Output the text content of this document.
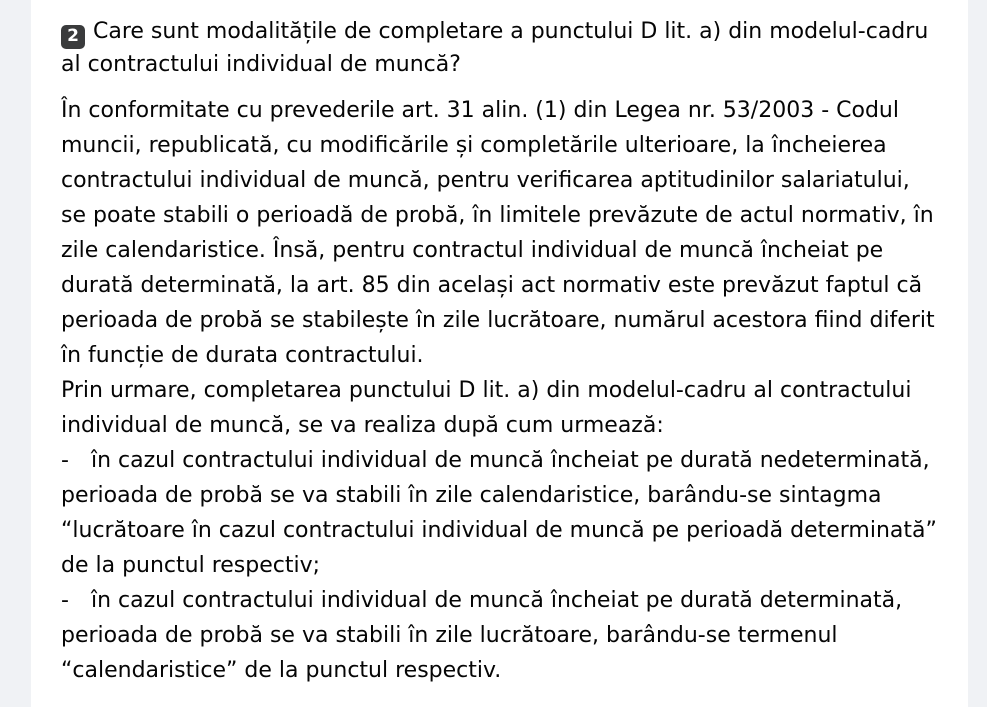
2 Care sunt modalitățile de completare a punctului D lit. a) din modelul-cadru al contractului individual de muncă?

În conformitate cu prevederile art. 31 alin. (1) din Legea nr. 53/2003 - Codul muncii, republicată, cu modificările și completările ulterioare, la încheierea contractului individual de muncă, pentru verificarea aptitudinilor salariatului, se poate stabili o perioadă de probă, în limitele prevăzute de actul normativ, în zile calendaristice. Însă, pentru contractul individual de muncă încheiat pe durată determinată, la art. 85 din același act normativ este prevăzut faptul că perioada de probă se stabilește în zile lucrătoare, numărul acestora fiind diferit în funcție de durata contractului.

Prin urmare, completarea punctului D lit. a) din modelul-cadru al contractului individual de muncă, se va realiza după cum urmează:

- în cazul contractului individual de muncă încheiat pe durată nedeterminată, perioada de probă se va stabili în zile calendaristice, barându-se sintagma “lucrătoare în cazul contractului individual de muncă pe perioadă determinată” de la punctul respectiv;

- în cazul contractului individual de muncă încheiat pe durată determinată, perioada de probă se va stabili în zile lucrătoare, barându-se termenul “calendaristice” de la punctul respectiv.
